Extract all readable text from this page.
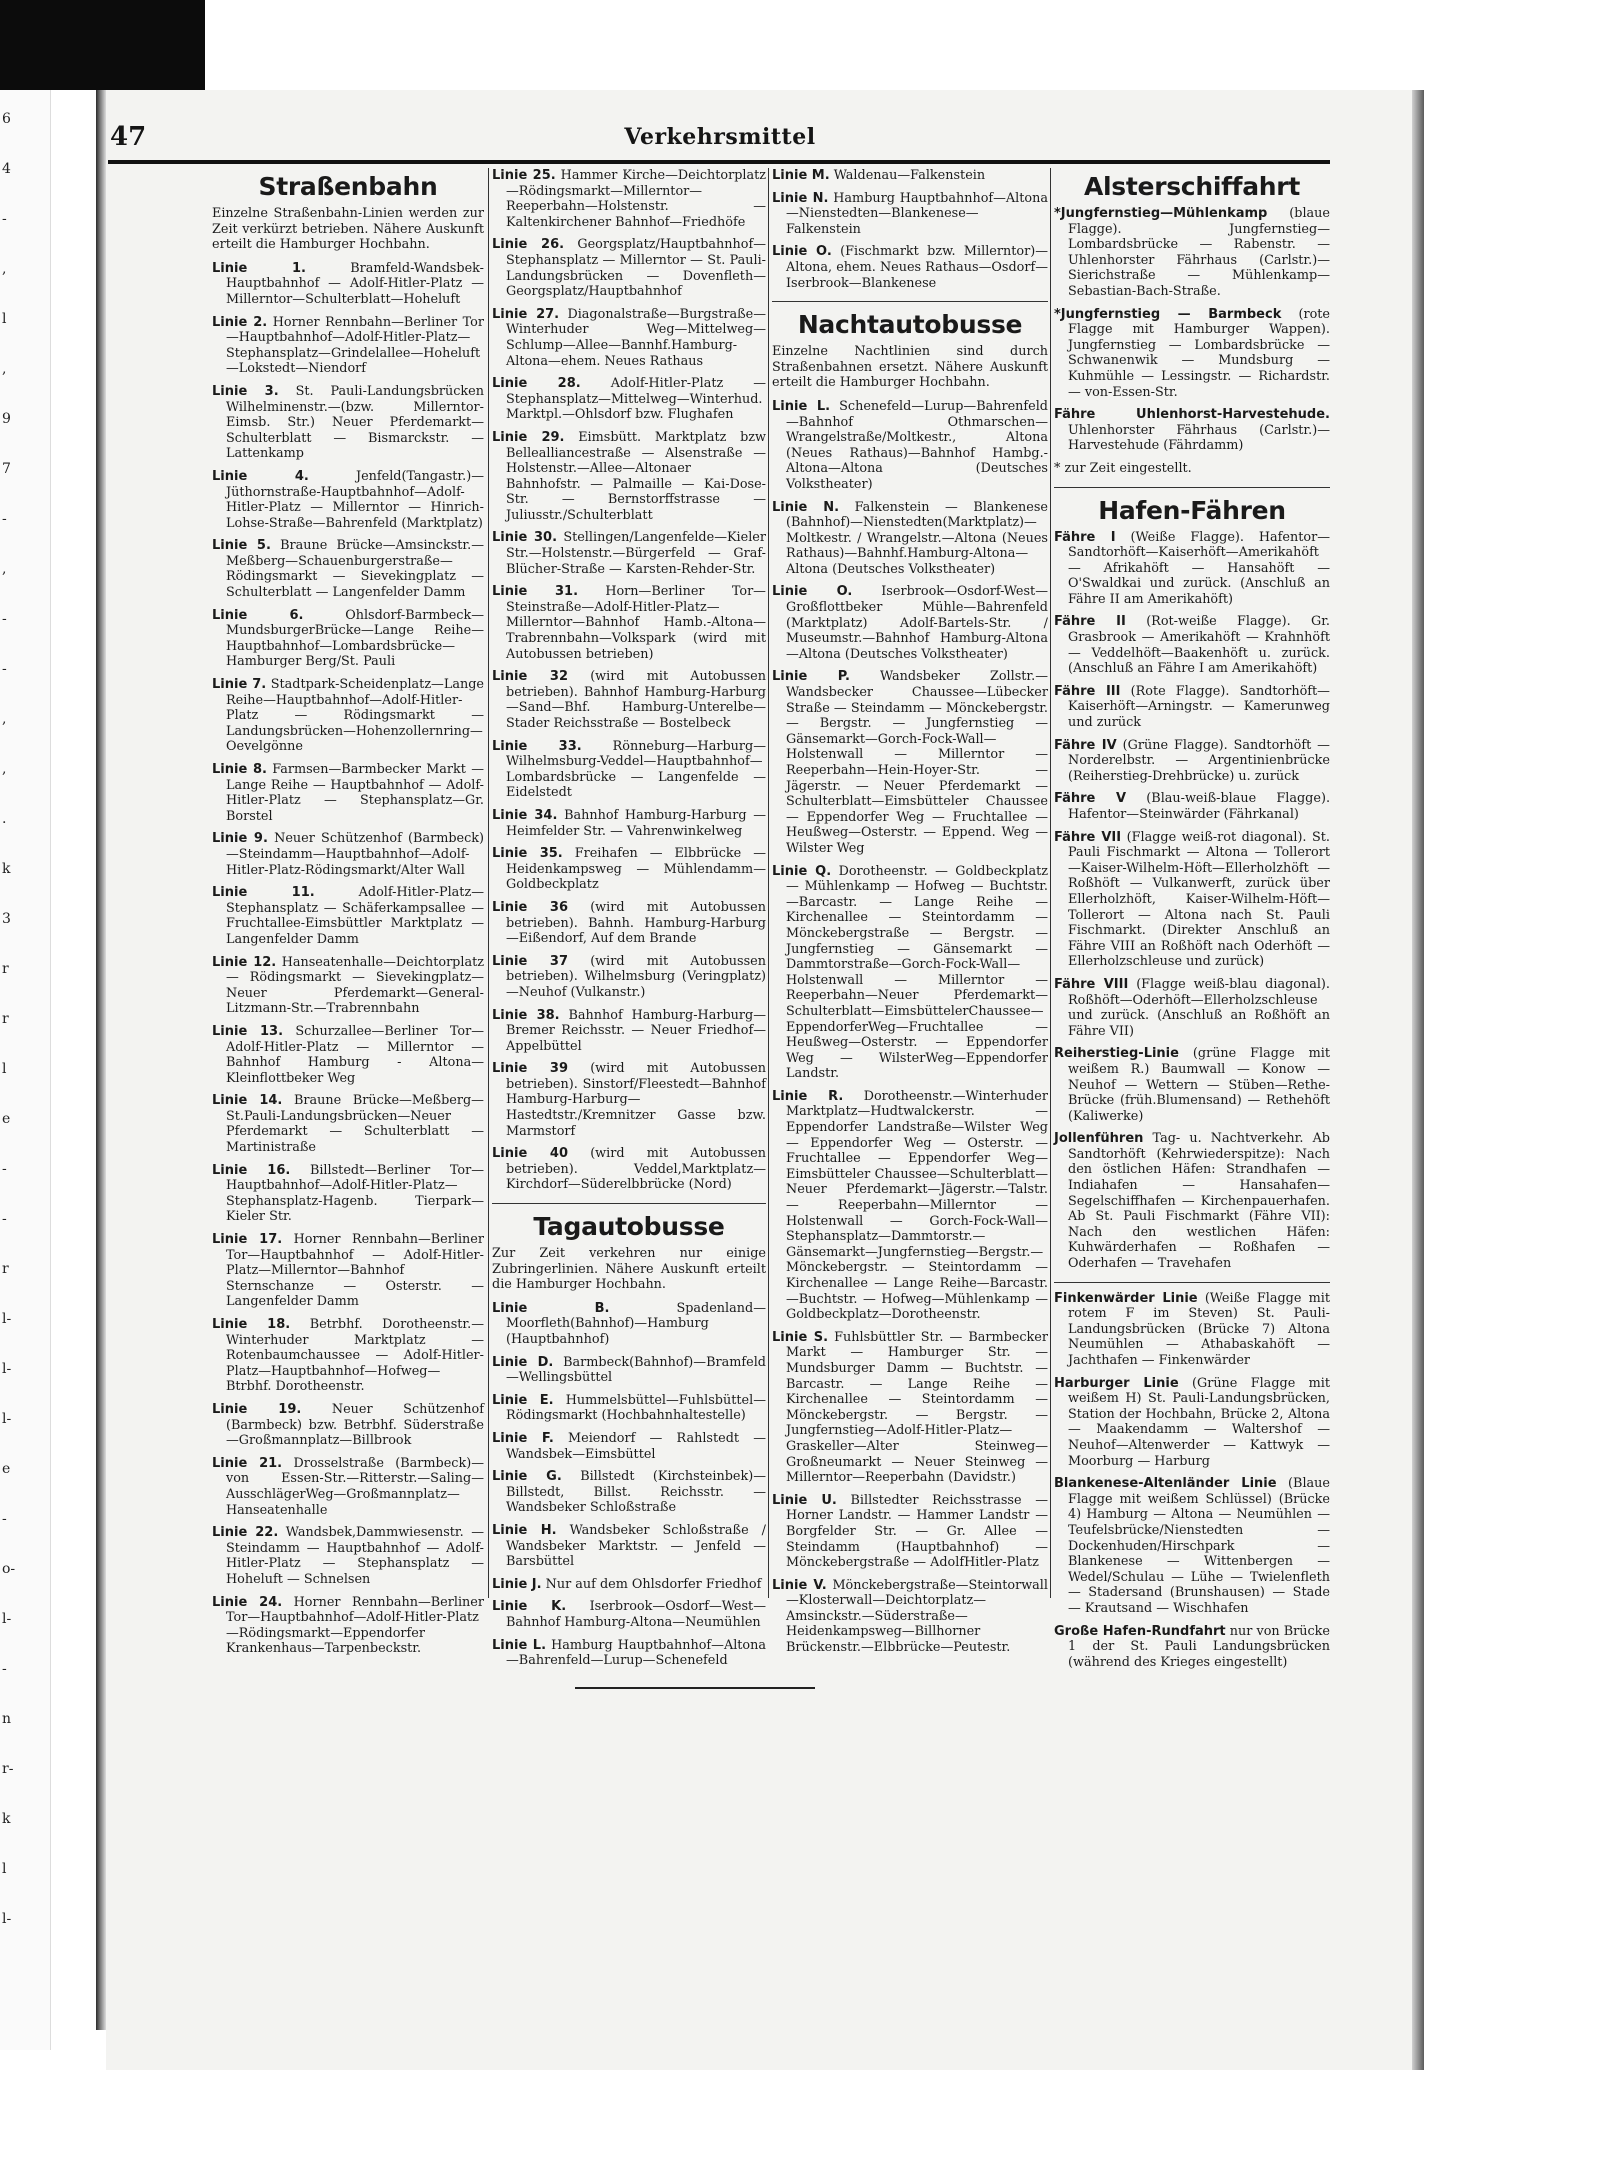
6
4
-
,
l
,
9
7
-
,
-
-
,
,
.
k
3
r
r
l
e
-
-
r
l-
l-
l-
e
-
o-
l-
-
n
r-
k
l
l-
47	Verkehrsmittel
Straßenbahn

Einzelne Straßenbahn-Linien werden zur Zeit verkürzt betrieben. Nähere Auskunft erteilt die Hamburger Hochbahn.

Linie 1.	Bramfeld-Wandsbek-Hauptbahnhof — Adolf-Hitler-Platz — Millerntor—Schulterblatt—Hoheluft

Linie 2. Horner Rennbahn—Berliner Tor—Hauptbahnhof—Adolf-Hitler-Platz—Stephansplatz—Grindelallee—Hoheluft—Lokstedt—Niendorf

Linie 3. St. Pauli-Landungsbrücken Wilhelminenstr.—(bzw. Millerntor-Eimsb. Str.) Neuer Pferdemarkt—Schulterblatt — Bismarckstr. — Lattenkamp

Linie 4.	Jenfeld(Tangastr.)—Jüthornstraße-Hauptbahnhof—Adolf-Hitler-Platz — Millerntor — Hinrich-Lohse-Straße—Bahrenfeld (Marktplatz)

Linie 5. Braune Brücke—Amsinckstr.—Meßberg—Schauenburgerstraße—Rödingsmarkt — Sievekingplatz — Schulterblatt — Langenfelder Damm

Linie 6.	Ohlsdorf-Barmbeck—MundsburgerBrücke—Lange Reihe—Hauptbahnhof—Lombardsbrücke—Hamburger Berg/St. Pauli

Linie 7. Stadtpark-Scheidenplatz—Lange Reihe—Hauptbahnhof—Adolf-Hitler-Platz — Rödingsmarkt — Landungsbrücken—Hohenzollernring—Oevelgönne

Linie 8. Farmsen—Barmbecker Markt — Lange Reihe — Hauptbahnhof — Adolf-Hitler-Platz — Stephansplatz—Gr. Borstel

Linie 9. Neuer Schützenhof (Barmbeck)—Steindamm—Hauptbahnhof—Adolf-Hitler-Platz-Rödingsmarkt/Alter Wall

Linie 11.	Adolf-Hitler-Platz—Stephansplatz — Schäferkampsallee — Fruchtallee-Eimsbüttler Marktplatz — Langenfelder Damm

Linie 12. Hanseatenhalle—Deichtorplatz — Rödingsmarkt — Sievekingplatz—Neuer Pferdemarkt—General-Litzmann-Str.—Trabrennbahn

Linie 13. Schurzallee—Berliner Tor—Adolf-Hitler-Platz — Millerntor — Bahnhof Hamburg - Altona—Kleinflottbeker Weg

Linie 14. Braune Brücke—Meßberg—St.Pauli-Landungsbrücken—Neuer Pferdemarkt — Schulterblatt — Martinistraße

Linie 16. Billstedt—Berliner Tor—Hauptbahnhof—Adolf-Hitler-Platz—Stephansplatz-Hagenb. Tierpark—Kieler Str.

Linie 17. Horner Rennbahn—Berliner Tor—Hauptbahnhof — Adolf-Hitler-Platz—Millerntor—Bahnhof Sternschanze — Osterstr. — Langenfelder Damm

Linie 18. Betrbhf. Dorotheenstr.—Winterhuder Marktplatz — Rotenbaumchaussee — Adolf-Hitler-Platz—Hauptbahnhof—Hofweg—Btrbhf. Dorotheenstr.

Linie 19. Neuer Schützenhof (Barmbeck) bzw. Betrbhf. Süderstraße—Großmannplatz—Billbrook

Linie 21. Drosselstraße (Barmbeck)—von Essen-Str.—Ritterstr.—Saling—AusschlägerWeg—Großmannplatz—Hanseatenhalle

Linie 22. Wandsbek,Dammwiesenstr. — Steindamm — Hauptbahnhof — Adolf-Hitler-Platz — Stephansplatz — Hoheluft — Schnelsen

Linie 24. Horner Rennbahn—Berliner Tor—Hauptbahnhof—Adolf-Hitler-Platz—Rödingsmarkt—Eppendorfer Krankenhaus—Tarpenbeckstr.

Linie 25. Hammer Kirche—Deichtorplatz—Rödingsmarkt—Millerntor—Reeperbahn—Holstenstr. — Kaltenkirchener Bahnhof—Friedhöfe

Linie 26. Georgsplatz/Hauptbahnhof—Stephansplatz — Millerntor — St. Pauli-Landungsbrücken — Dovenfleth—Georgsplatz/Hauptbahnhof

Linie 27. Diagonalstraße—Burgstraße—Winterhuder Weg—Mittelweg—Schlump—Allee—Bannhf.Hamburg-Altona—ehem. Neues Rathaus

Linie 28. Adolf-Hitler-Platz — Stephansplatz—Mittelweg—Winterhud. Marktpl.—Ohlsdorf bzw. Flughafen

Linie 29. Eimsbütt. Marktplatz bzw Bellealliancestraße — Alsenstraße — Holstenstr.—Allee—Altonaer Bahnhofstr. — Palmaille — Kai-Dose-Str. — Bernstorffstrasse — Juliusstr./Schulterblatt

Linie 30. Stellingen/Langenfelde—Kieler Str.—Holstenstr.—Bürgerfeld — Graf-Blücher-Straße — Karsten-Rehder-Str.

Linie 31. Horn—Berliner Tor—Steinstraße—Adolf-Hitler-Platz—Millerntor—Bahnhof Hamb.-Altona—Trabrennbahn—Volkspark (wird mit Autobussen betrieben)

Linie 32 (wird mit Autobussen betrieben). Bahnhof Hamburg-Harburg—Sand—Bhf. Hamburg-Unterelbe—Stader Reichsstraße — Bostelbeck

Linie 33. Rönneburg—Harburg—Wilhelmsburg-Veddel—Hauptbahnhof—Lombardsbrücke — Langenfelde — Eidelstedt

Linie 34. Bahnhof Hamburg-Harburg — Heimfelder Str. — Vahrenwinkelweg

Linie 35. Freihafen — Elbbrücke — Heidenkampsweg — Mühlendamm—Goldbeckplatz

Linie 36 (wird mit Autobussen betrieben). Bahnh. Hamburg-Harburg—Eißendorf, Auf dem Brande

Linie 37 (wird mit Autobussen betrieben). Wilhelmsburg (Veringplatz)—Neuhof (Vulkanstr.)

Linie 38. Bahnhof Hamburg-Harburg—Bremer Reichsstr. — Neuer Friedhof—Appelbüttel

Linie 39 (wird mit Autobussen betrieben). Sinstorf/Fleestedt—Bahnhof Hamburg-Harburg—Hastedtstr./Kremnitzer Gasse bzw. Marmstorf

Linie 40 (wird mit Autobussen betrieben). Veddel,Marktplatz—Kirchdorf—Süderelbbrücke (Nord)

Tagautobusse

Zur Zeit verkehren nur einige Zubringerlinien. Nähere Auskunft erteilt die Hamburger Hochbahn.

Linie B.	Spadenland—Moorfleth(Bahnhof)—Hamburg (Hauptbahnhof)

Linie D. Barmbeck(Bahnhof)—Bramfeld—Wellingsbüttel

Linie E. Hummelsbüttel—Fuhlsbüttel—Rödingsmarkt (Hochbahnhaltestelle)

Linie F. Meiendorf — Rahlstedt — Wandsbek—Eimsbüttel

Linie G. Billstedt (Kirchsteinbek)—Billstedt, Billst. Reichsstr. — Wandsbeker Schloßstraße

Linie H. Wandsbeker Schloßstraße / Wandsbeker Marktstr. — Jenfeld — Barsbüttel

Linie J. Nur auf dem Ohlsdorfer Friedhof

Linie K. Iserbrook—Osdorf—West—Bahnhof Hamburg-Altona—Neumühlen

Linie L. Hamburg Hauptbahnhof—Altona—Bahrenfeld—Lurup—Schenefeld

Linie M. Waldenau—Falkenstein

Linie N. Hamburg Hauptbahnhof—Altona—Nienstedten—Blankenese—Falkenstein

Linie O. (Fischmarkt bzw. Millerntor)—Altona, ehem. Neues Rathaus—Osdorf—Iserbrook—Blankenese

Nachtautobusse

Einzelne Nachtlinien sind durch Straßenbahnen ersetzt. Nähere Auskunft erteilt die Hamburger Hochbahn.

Linie L. Schenefeld—Lurup—Bahrenfeld—Bahnhof Othmarschen—Wrangelstraße/Moltkestr., Altona (Neues Rathaus)—Bahnhof Hambg.-Altona—Altona (Deutsches Volkstheater)

Linie N. Falkenstein — Blankenese (Bahnhof)—Nienstedten(Marktplatz)—Moltkestr. / Wrangelstr.—Altona (Neues Rathaus)—Bahnhf.Hamburg-Altona—Altona (Deutsches Volkstheater)

Linie O. Iserbrook—Osdorf-West—Großflottbeker Mühle—Bahrenfeld (Marktplatz) Adolf-Bartels-Str. / Museumstr.—Bahnhof Hamburg-Altona—Altona (Deutsches Volkstheater)

Linie P. Wandsbeker Zollstr.—Wandsbecker Chaussee—Lübecker Straße — Steindamm — Mönckebergstr. — Bergstr. — Jungfernstieg — Gänsemarkt—Gorch-Fock-Wall—Holstenwall — Millerntor — Reeperbahn—Hein-Hoyer-Str. — Jägerstr. — Neuer Pferdemarkt — Schulterblatt—Eimsbütteler Chaussee — Eppendorfer Weg — Fruchtallee — Heußweg—Osterstr. — Eppend. Weg — Wilster Weg

Linie Q. Dorotheenstr. — Goldbeckplatz — Mühlenkamp — Hofweg — Buchtstr.—Barcastr. — Lange Reihe — Kirchenallee — Steintordamm — Mönckebergstraße — Bergstr. — Jungfernstieg — Gänsemarkt — Dammtorstraße—Gorch-Fock-Wall—Holstenwall — Millerntor — Reeperbahn—Neuer Pferdemarkt—Schulterblatt—EimsbüttelerChaussee—EppendorferWeg—Fruchtallee — Heußweg—Osterstr. — Eppendorfer Weg — WilsterWeg—Eppendorfer Landstr.

Linie R. Dorotheenstr.—Winterhuder Marktplatz—Hudtwalckerstr. — Eppendorfer Landstraße—Wilster Weg — Eppendorfer Weg — Osterstr. — Fruchtallee — Eppendorfer Weg—Eimsbütteler Chaussee—Schulterblatt—Neuer Pferdemarkt—Jägerstr.—Talstr. — Reeperbahn—Millerntor — Holstenwall — Gorch-Fock-Wall—Stephansplatz—Dammtorstr.—Gänsemarkt—Jungfernstieg—Bergstr.—Mönckebergstr. — Steintordamm — Kirchenallee — Lange Reihe—Barcastr.—Buchtstr. — Hofweg—Mühlenkamp — Goldbeckplatz—Dorotheenstr.

Linie S. Fuhlsbüttler Str. — Barmbecker Markt — Hamburger Str. — Mundsburger Damm — Buchtstr. — Barcastr. — Lange Reihe — Kirchenallee — Steintordamm — Mönckebergstr. — Bergstr. — Jungfernstieg—Adolf-Hitler-Platz—Graskeller—Alter Steinweg—Großneumarkt — Neuer Steinweg — Millerntor—Reeperbahn (Davidstr.)

Linie U. Billstedter Reichsstrasse — Horner Landstr. — Hammer Landstr — Borgfelder Str. — Gr. Allee — Steindamm (Hauptbahnhof) — Mönckebergstraße — AdolfHitler-Platz

Linie V. Mönckebergstraße—Steintorwall—Klosterwall—Deichtorplatz—Amsinckstr.—Süderstraße—Heidenkampsweg—Billhorner Brückenstr.—Elbbrücke—Peutestr.

Alsterschiffahrt

*Jungfernstieg—Mühlenkamp (blaue Flagge). Jungfernstieg—Lombardsbrücke — Rabenstr. — Uhlenhorster Fährhaus (Carlstr.)—Sierichstraße — Mühlenkamp—Sebastian-Bach-Straße.

*Jungfernstieg — Barmbeck (rote Flagge mit Hamburger Wappen). Jungfernstieg — Lombardsbrücke — Schwanenwik — Mundsburg — Kuhmühle — Lessingstr. — Richardstr. — von-Essen-Str.

Fähre Uhlenhorst-Harvestehude. Uhlenhorster Fährhaus (Carlstr.)—Harvestehude (Fährdamm)

* zur Zeit eingestellt.

Hafen-Fähren

Fähre I (Weiße Flagge). Hafentor—Sandtorhöft—Kaiserhöft—Amerikahöft — Afrikahöft — Hansahöft — O'Swaldkai und zurück. (Anschluß an Fähre II am Amerikahöft)

Fähre II (Rot-weiße Flagge). Gr. Grasbrook — Amerikahöft — Krahnhöft — Veddelhöft—Baakenhöft u. zurück. (Anschluß an Fähre I am Amerikahöft)

Fähre III (Rote Flagge). Sandtorhöft—Kaiserhöft—Arningstr. — Kamerunweg und zurück

Fähre IV (Grüne Flagge). Sandtorhöft — Norderelbstr. — Argentinienbrücke (Reiherstieg-Drehbrücke) u. zurück

Fähre V (Blau-weiß-blaue Flagge). Hafentor—Steinwärder (Fährkanal)

Fähre VII (Flagge weiß-rot diagonal). St. Pauli Fischmarkt — Altona — Tollerort—Kaiser-Wilhelm-Höft—Ellerholzhöft — Roßhöft — Vulkanwerft, zurück über Ellerholzhöft, Kaiser-Wilhelm-Höft—Tollerort — Altona nach St. Pauli Fischmarkt. (Direkter Anschluß an Fähre VIII an Roßhöft nach Oderhöft — Ellerholzschleuse und zurück)

Fähre VIII (Flagge weiß-blau diagonal). Roßhöft—Oderhöft—Ellerholzschleuse und zurück. (Anschluß an Roßhöft an Fähre VII)

Reiherstieg-Linie (grüne Flagge mit weißem R.) Baumwall — Konow — Neuhof — Wettern — Stüben—Rethe-Brücke (früh.Blumensand) — Rethehöft (Kaliwerke)

Jollenführen Tag- u. Nachtverkehr. Ab Sandtorhöft (Kehrwiederspitze): Nach den östlichen Häfen: Strandhafen — Indiahafen — Hansahafen—Segelschiffhafen — Kirchenpauerhafen. Ab St. Pauli Fischmarkt (Fähre VII): Nach den westlichen Häfen: Kuhwärderhafen — Roßhafen — Oderhafen — Travehafen

Finkenwärder Linie (Weiße Flagge mit rotem F im Steven) St. Pauli-Landungsbrücken (Brücke 7) Altona Neumühlen — Athabaskahöft — Jachthafen — Finkenwärder

Harburger Linie (Grüne Flagge mit weißem H) St. Pauli-Landungsbrücken, Station der Hochbahn, Brücke 2, Altona — Maakendamm — Waltershof — Neuhof—Altenwerder — Kattwyk — Moorburg — Harburg

Blankenese-Altenländer Linie (Blaue Flagge mit weißem Schlüssel) (Brücke 4) Hamburg — Altona — Neumühlen — Teufelsbrücke/Nienstedten — Dockenhuden/Hirschpark — Blankenese — Wittenbergen — Wedel/Schulau — Lühe — Twielenfleth — Stadersand (Brunshausen) — Stade — Krautsand — Wischhafen

Große Hafen-Rundfahrt nur von Brücke 1 der St. Pauli Landungsbrücken (während des Krieges eingestellt)
